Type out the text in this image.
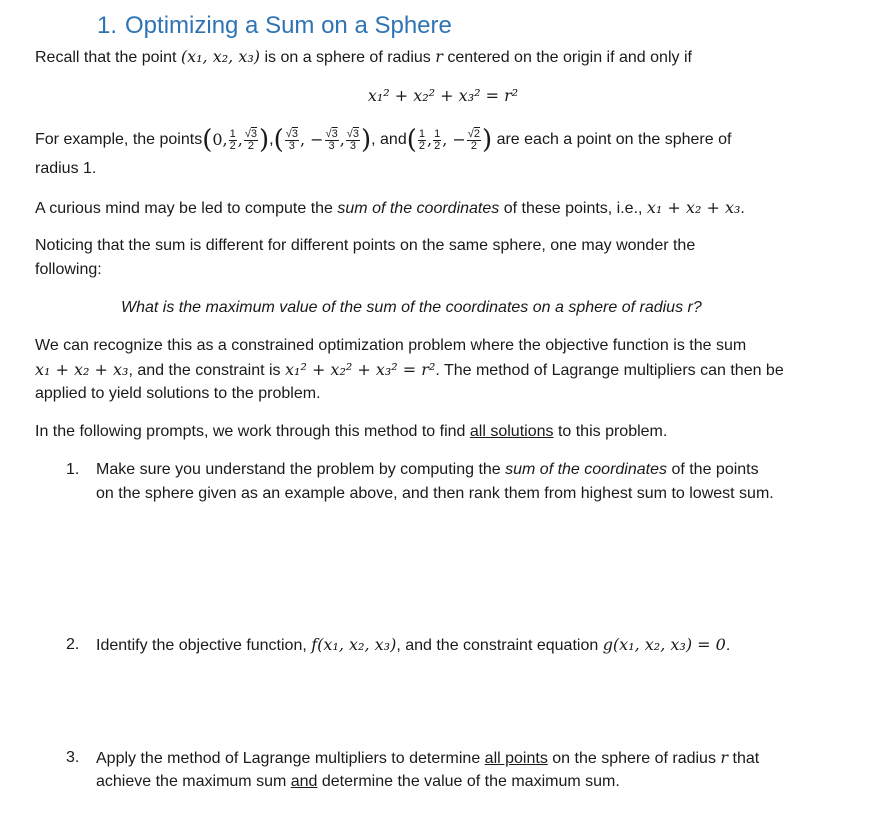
1. Optimizing a Sum on a Sphere
Recall that the point (x₁, x₂, x₃) is on a sphere of radius r centered on the origin if and only if
x₁² + x₂² + x₃² = r²
For example, the points ( 0, $\frac{1}{2}$ , $\frac{√3}{2}$ ) , ( $\frac{√3}{3}$ , − $\frac{√3}{3}$ , $\frac{√3}{3}$ ) , and ( $\frac{1}{2}$ , $\frac{1}{2}$ , − $\frac{√2}{2}$ ) are each a point on the sphere of
radius 1.
A curious mind may be led to compute the sum of the coordinates of these points, i.e., x₁ + x₂ + x₃.
Noticing that the sum is different for different points on the same sphere, one may wonder the
following:
What is the maximum value of the sum of the coordinates on a sphere of radius r?
We can recognize this as a constrained optimization problem where the objective function is the sum
x₁ + x₂ + x₃, and the constraint is x₁² + x₂² + x₃² = r². The method of Lagrange multipliers can then be
applied to yield solutions to the problem.
In the following prompts, we work through this method to find all solutions to this problem.
1. Make sure you understand the problem by computing the sum of the coordinates of the points
on the sphere given as an example above, and then rank them from highest sum to lowest sum.
2. Identify the objective function, f(x₁, x₂, x₃), and the constraint equation g(x₁, x₂, x₃) = 0.
3. Apply the method of Lagrange multipliers to determine all points on the sphere of radius r that
achieve the maximum sum and determine the value of the maximum sum.
